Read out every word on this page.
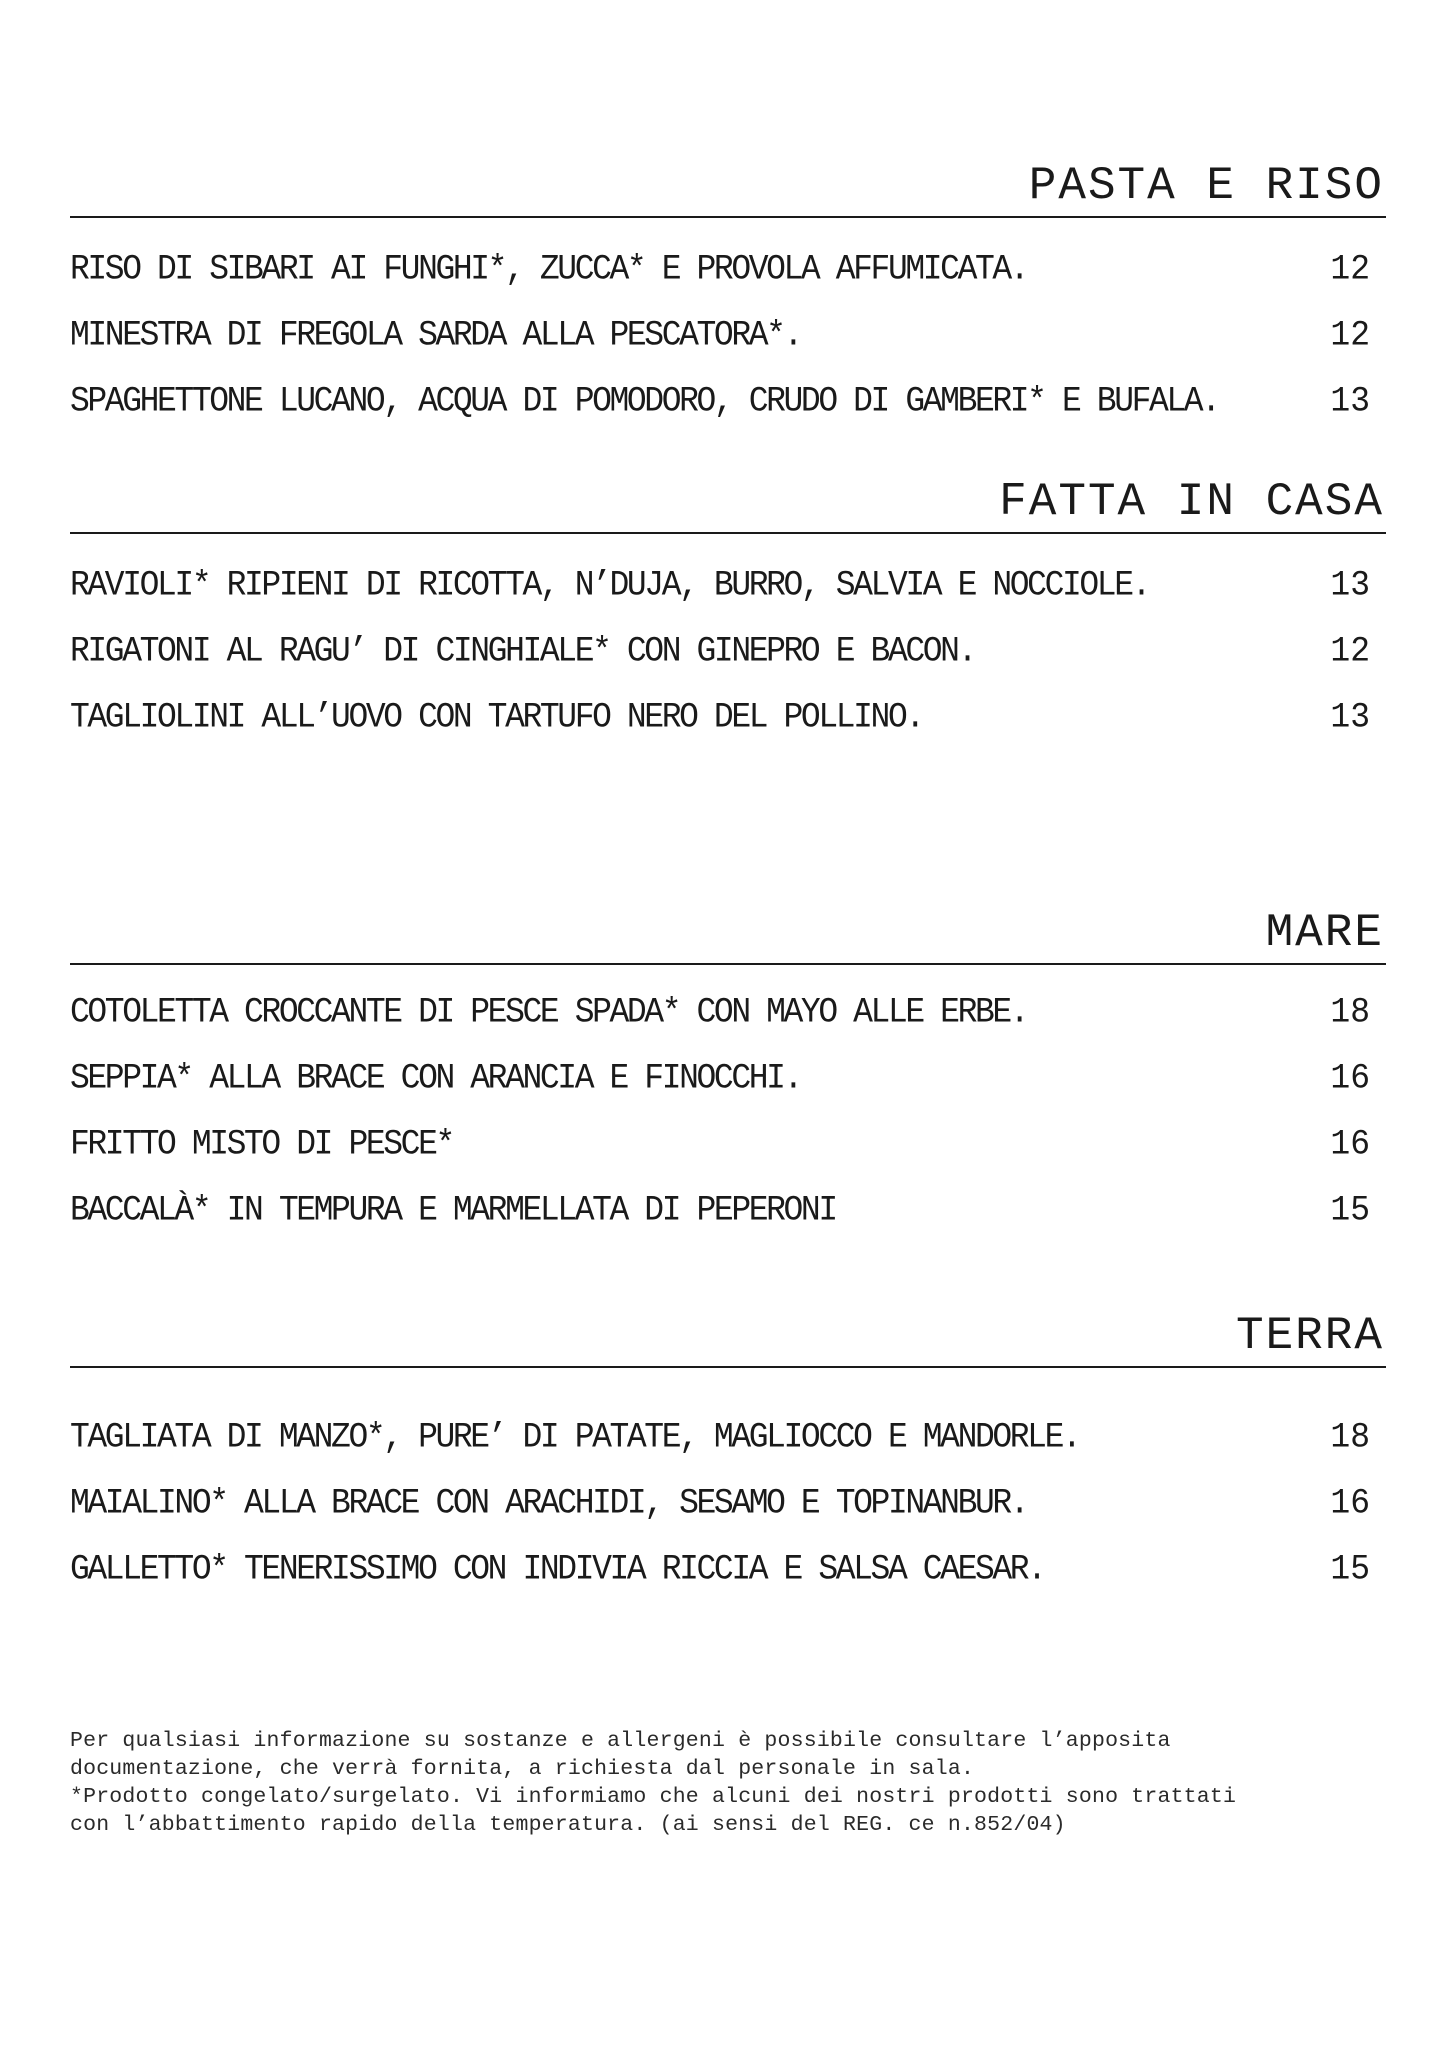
PASTA E RISO
RISO DI SIBARI AI FUNGHI*, ZUCCA* E PROVOLA AFFUMICATA.	12
MINESTRA DI FREGOLA SARDA ALLA PESCATORA*.	12
SPAGHETTONE LUCANO, ACQUA DI POMODORO, CRUDO DI GAMBERI* E BUFALA.	13
FATTA IN CASA
RAVIOLI* RIPIENI DI RICOTTA, N’DUJA, BURRO, SALVIA E NOCCIOLE.	13
RIGATONI AL RAGU’ DI CINGHIALE* CON GINEPRO E BACON.	12
TAGLIOLINI ALL’UOVO CON TARTUFO NERO DEL POLLINO.	13
MARE
COTOLETTA CROCCANTE DI PESCE SPADA* CON MAYO ALLE ERBE.	18
SEPPIA* ALLA BRACE CON ARANCIA E FINOCCHI.	16
FRITTO MISTO DI PESCE*	16
BACCALÀ* IN TEMPURA E MARMELLATA DI PEPERONI	15
TERRA
TAGLIATA DI MANZO*, PURE’ DI PATATE, MAGLIOCCO E MANDORLE.	18
MAIALINO* ALLA BRACE CON ARACHIDI, SESAMO E TOPINANBUR.	16
GALLETTO* TENERISSIMO CON INDIVIA RICCIA E SALSA CAESAR.	15

Per qualsiasi informazione su sostanze e allergeni è possibile consultare l’apposita

documentazione, che verrà fornita, a richiesta dal personale in sala.

*Prodotto congelato/surgelato. Vi informiamo che alcuni dei nostri prodotti sono trattati

con l’abbattimento rapido della temperatura. (ai sensi del REG. ce n.852/04)
